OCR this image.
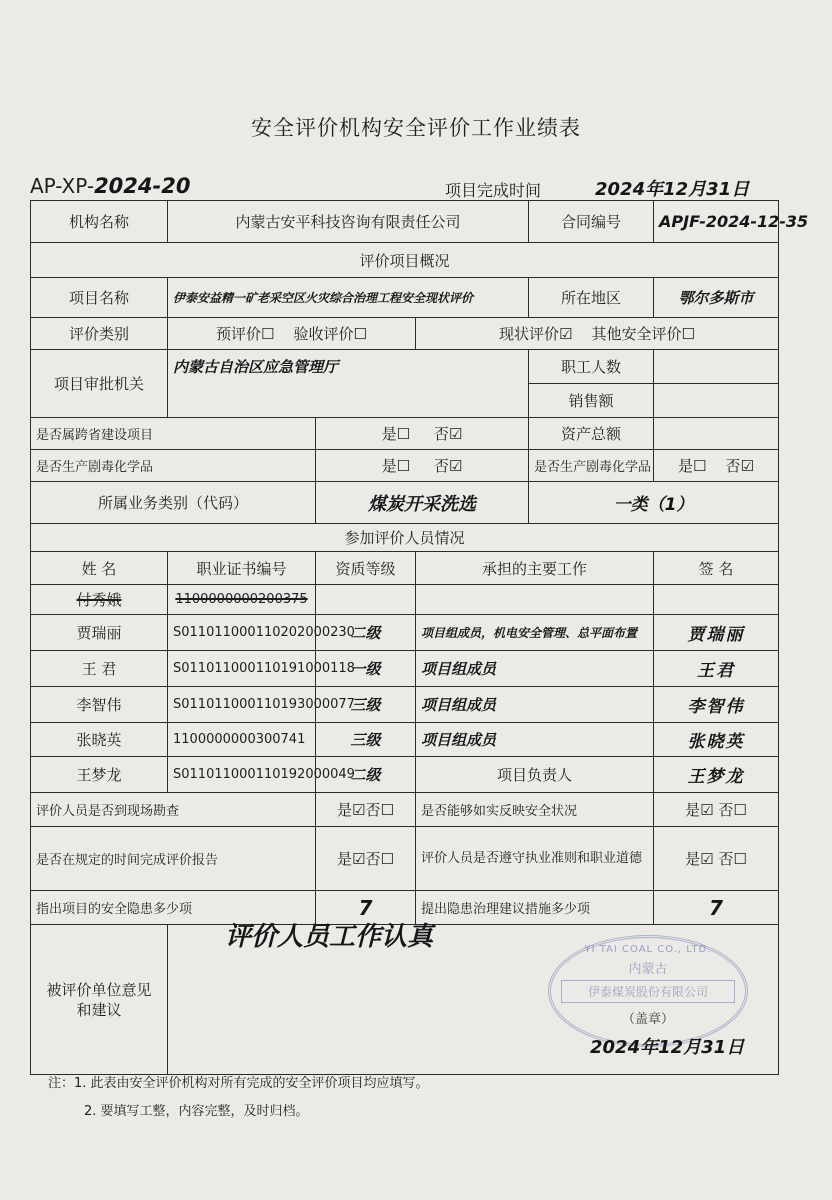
安全评价机构安全评价工作业绩表
AP-XP-2024-20	项目完成时间	2024年12月31日
机构名称	内蒙古安平科技咨询有限责任公司			合同编号	APJF-2024-12-35
评价项目概况					
项目名称	伊泰安益精一矿老采空区火灾综合治理工程安全现状评价			所在地区	鄂尔多斯市
评价类别	预评价☐ 验收评价☐		现状评价☑ 其他安全评价☐		
项目审批机关	内蒙古自治区应急管理厅			职工人数	
				销售额	
是否属跨省建设项目		是☐ 否☑		资产总额	
是否生产剧毒化学品		是☐ 否☑		是否生产剧毒化学品	是☐ 否☑
所属业务类别（代码）		煤炭开采洗选		一类（1）	
参加评价人员情况					
姓 名	职业证书编号	资质等级	承担的主要工作		签 名
付秀娥	1100000000200375				
贾瑞丽	S011011000110202000230	二级	项目组成员，机电安全管理、总平面布置		贾瑞丽
王 君	S011011000110191000118	一级	项目组成员		王君
李智伟	S011011000110193000077	三级	项目组成员		李智伟
张晓英	1100000000300741	三级	项目组成员		张晓英
王梦龙	S011011000110192000049	二级	项目负责人		王梦龙
评价人员是否到现场勘查		是☑否☐	是否能够如实反映安全状况		是☑ 否☐
是否在规定的时间完成评价报告		是☑否☐	评价人员是否遵守执业准则和职业道德		是☑ 否☐
指出项目的安全隐患多少项		7	提出隐患治理建议措施多少项		7
被评价单位意见和建议					
评价人员工作认真	YI TAI COAL CO., LTD.
内蒙古
伊泰煤炭股份有限公司
（盖章）
2024年12月31日
注：1. 此表由安全评价机构对所有完成的安全评价项目均应填写。
2. 要填写工整，内容完整，及时归档。
